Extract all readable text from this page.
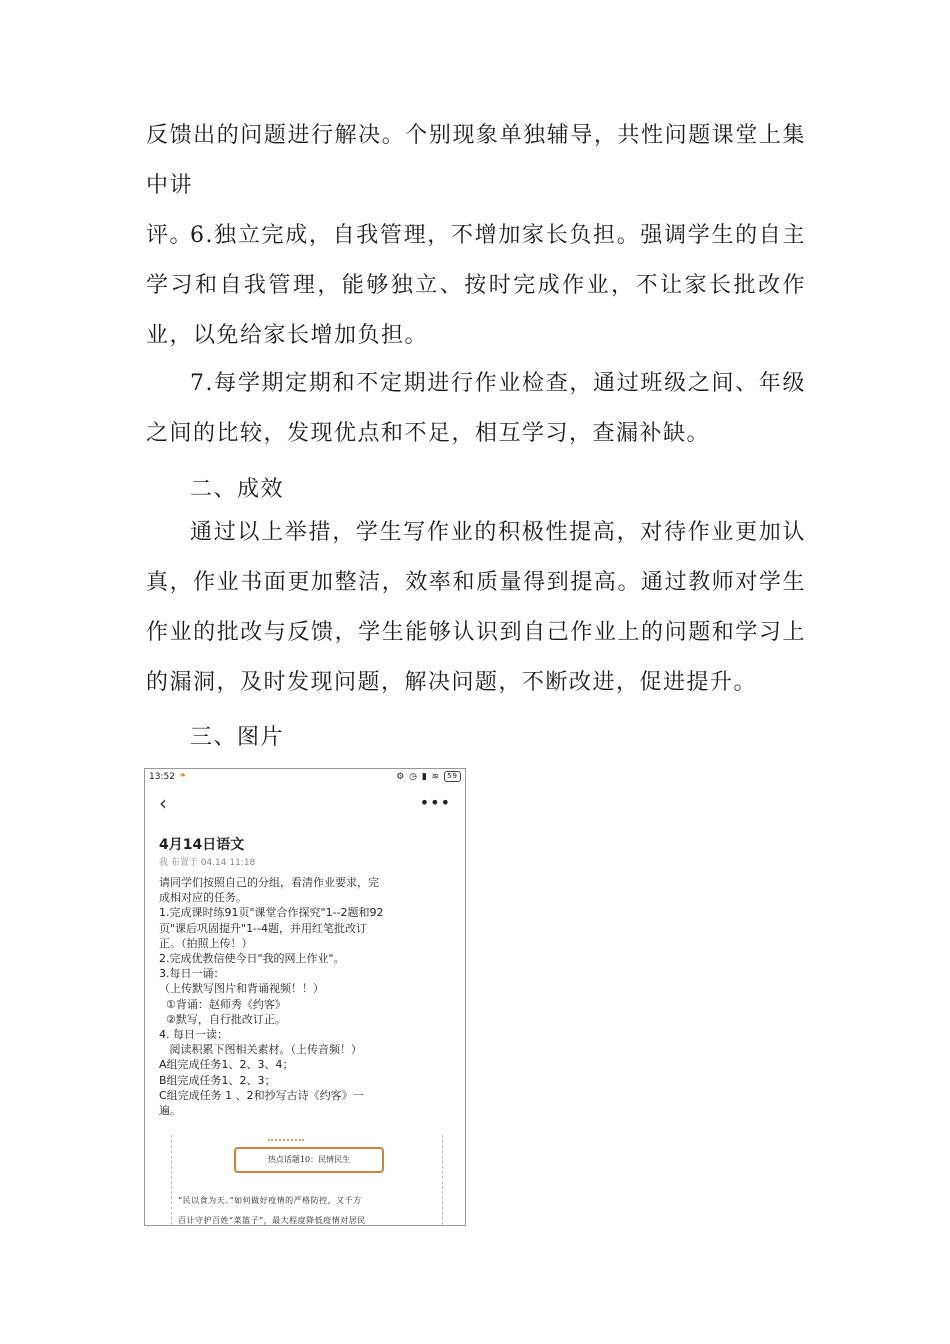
反馈出的问题进行解决。个别现象单独辅导，共性问题课堂上集中讲
评。

6.独立完成，自我管理，不增加家长负担。强调学生的自主学习和自我管理，能够独立、按时完成作业，不让家长批改作业，以免给家长增加负担。

7.每学期定期和不定期进行作业检查，通过班级之间、年级之间的比较，发现优点和不足，相互学习，查漏补缺。

二、成效

通过以上举措，学生写作业的积极性提高，对待作业更加认真，作业书面更加整洁，效率和质量得到提高。通过教师对学生作业的批改与反馈，学生能够认识到自己作业上的问题和学习上的漏洞，及时发现问题，解决问题，不断改进，促进提升。

三、图片

13:52 ❧	⚙ ◷ ▮ ≋ 59
‹	•••
4月14日语文
我 布置于 04.14 11:18
请同学们按照自己的分组，看清作业要求，完
成相对应的任务。
1.完成课时练91页"课堂合作探究"1--2题和92
页"课后巩固提升"1--4题，并用红笔批改订
正。（拍照上传！）
2.完成优教信使今日"我的网上作业"。
3.每日一诵：
（上传默写图片和背诵视频！！）
①背诵：赵师秀《约客》
②默写，自行批改订正。
4. 每日一读：
阅读积累下图相关素材。（上传音频！）
A组完成任务1、2、3、4；
B组完成任务1、2、3；
C组完成任务 1 、2和抄写古诗《约客》一
遍。
热点话题10：民情民生
“民以食为天。”如何做好疫情的严格防控，又千方
百计守护百姓“菜篮子”，最大程度降低疫情对居民
